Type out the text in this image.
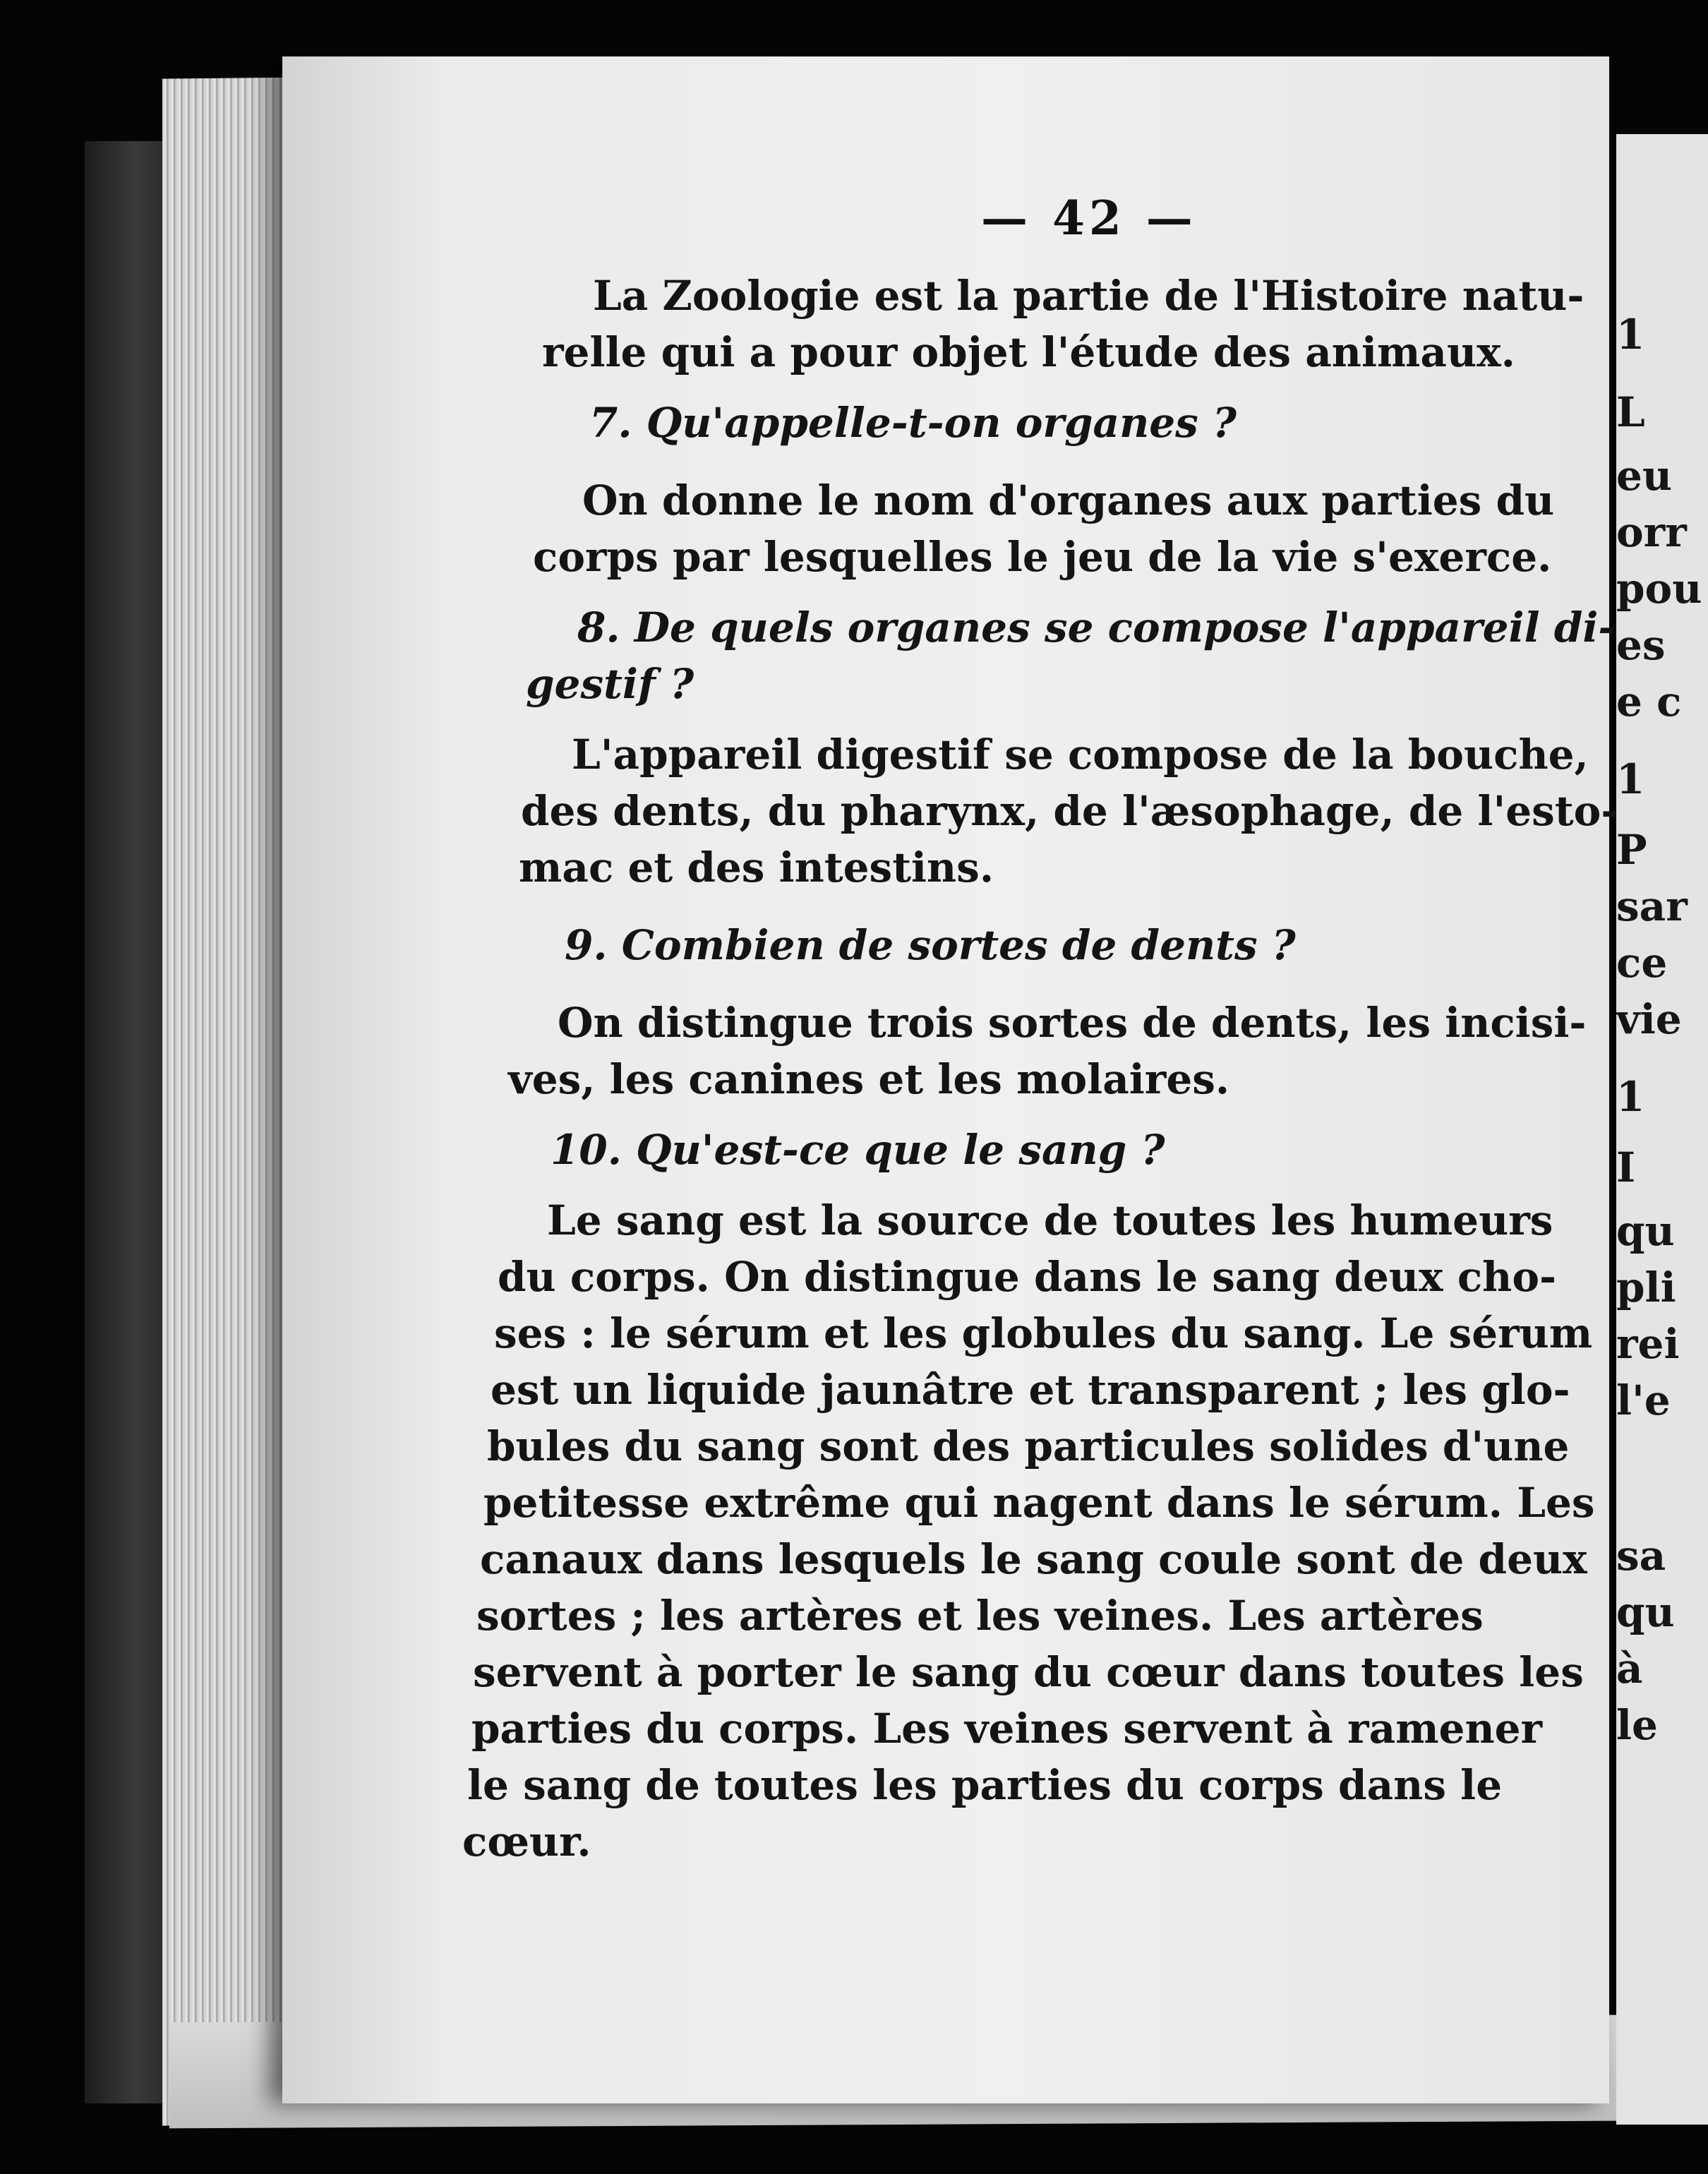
1
L
eu
orr
pou
es
e c
1
P
sar
ce
vie
1
I
qu
pli
rei
l'e
sa
qu
à
le
— 42 —
La Zoologie est la partie de l'Histoire natu-
relle qui a pour objet l'étude des animaux.
7. Qu'appelle-t-on organes ?
On donne le nom d'organes aux parties du
corps par lesquelles le jeu de la vie s'exerce.
8. De quels organes se compose l'appareil di-
gestif ?
L'appareil digestif se compose de la bouche,
des dents, du pharynx, de l'æsophage, de l'esto-
mac et des intestins.
9. Combien de sortes de dents ?
On distingue trois sortes de dents, les incisi-
ves, les canines et les molaires.
10. Qu'est-ce que le sang ?
Le sang est la source de toutes les humeurs
du corps. On distingue dans le sang deux cho-
ses : le sérum et les globules du sang. Le sérum
est un liquide jaunâtre et transparent ; les glo-
bules du sang sont des particules solides d'une
petitesse extrême qui nagent dans le sérum. Les
canaux dans lesquels le sang coule sont de deux
sortes ; les artères et les veines. Les artères
servent à porter le sang du cœur dans toutes les
parties du corps. Les veines servent à ramener
le sang de toutes les parties du corps dans le
cœur.
